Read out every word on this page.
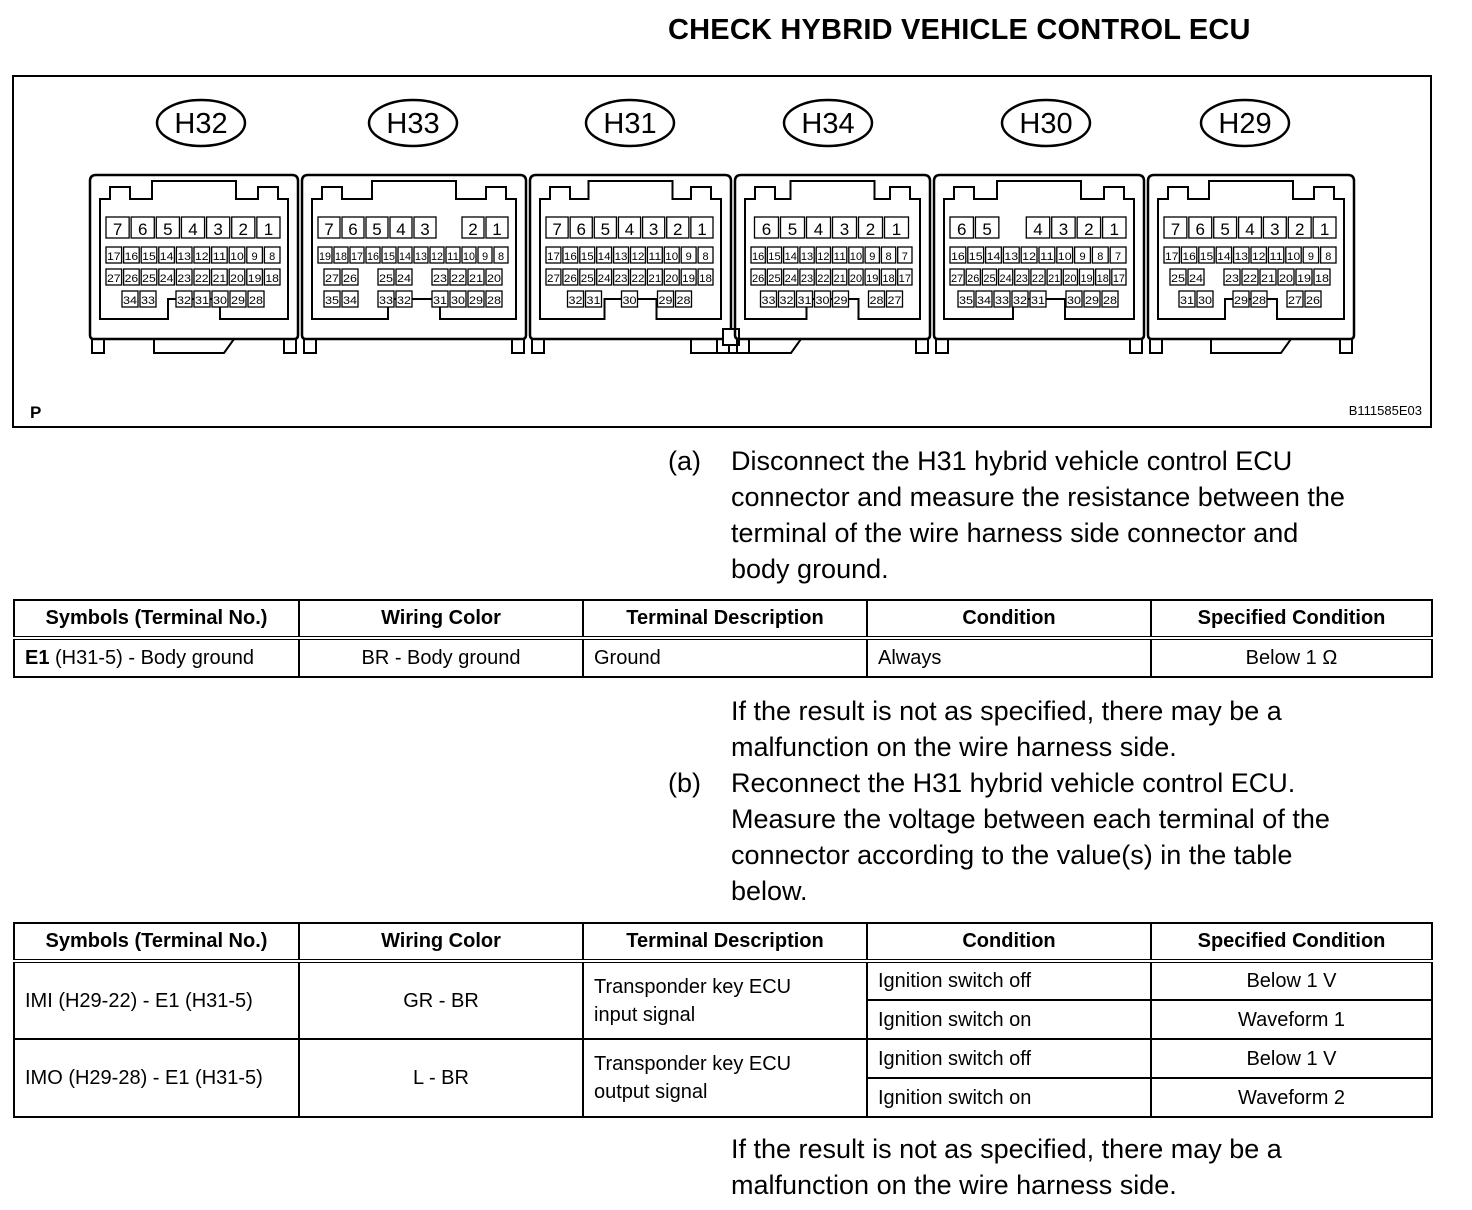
CHECK HYBRID VEHICLE CONTROL ECU
H32
7 6 5 4 3 2 1
17 16 15 14 13 12 11 10 9 8
27 26 25 24 23 22 21 20 19 18
34 33 32 31 30 29 28
H33
7 6 5 4 3 2 1
19 18 17 16 15 14 13 12 11 10 9 8
27 26 25 24 23 22 21 20
35 34 33 32 31 30 29 28
H31
7 6 5 4 3 2 1
17 16 15 14 13 12 11 10 9 8
27 26 25 24 23 22 21 20 19 18
32 31 30 29 28
H34
6 5 4 3 2 1
16 15 14 13 12 11 10 9 8 7
26 25 24 23 22 21 20 19 18 17
33 32 31 30 29 28 27
H30
6 5 4 3 2 1
16 15 14 13 12 11 10 9 8 7
27 26 25 24 23 22 21 20 19 18 17
35 34 33 32 31 30 29 28
H29
7 6 5 4 3 2 1
17 16 15 14 13 12 11 10 9 8
25 24 23 22 21 20 19 18
31 30 29 28 27 26
P	B111585E03
(a) Disconnect the H31 hybrid vehicle control ECU
connector and measure the resistance between the
terminal of the wire harness side connector and
body ground.
Symbols (Terminal No.)	Wiring Color	Terminal Description	Condition	Specified Condition
E1 (H31-5) - Body ground	BR - Body ground	Ground	Always	Below 1 Ω
If the result is not as specified, there may be a
malfunction on the wire harness side.
(b) Reconnect the H31 hybrid vehicle control ECU.
Measure the voltage between each terminal of the
connector according to the value(s) in the table
below.
Symbols (Terminal No.)	Wiring Color	Terminal Description	Condition	Specified Condition
IMI (H29-22) - E1 (H31-5)	GR - BR	Transponder key ECU
input signal	Ignition switch off	Below 1 V
			Ignition switch on	Waveform 1
IMO (H29-28) - E1 (H31-5)	L - BR	Transponder key ECU
output signal	Ignition switch off	Below 1 V
			Ignition switch on	Waveform 2
If the result is not as specified, there may be a
malfunction on the wire harness side.
